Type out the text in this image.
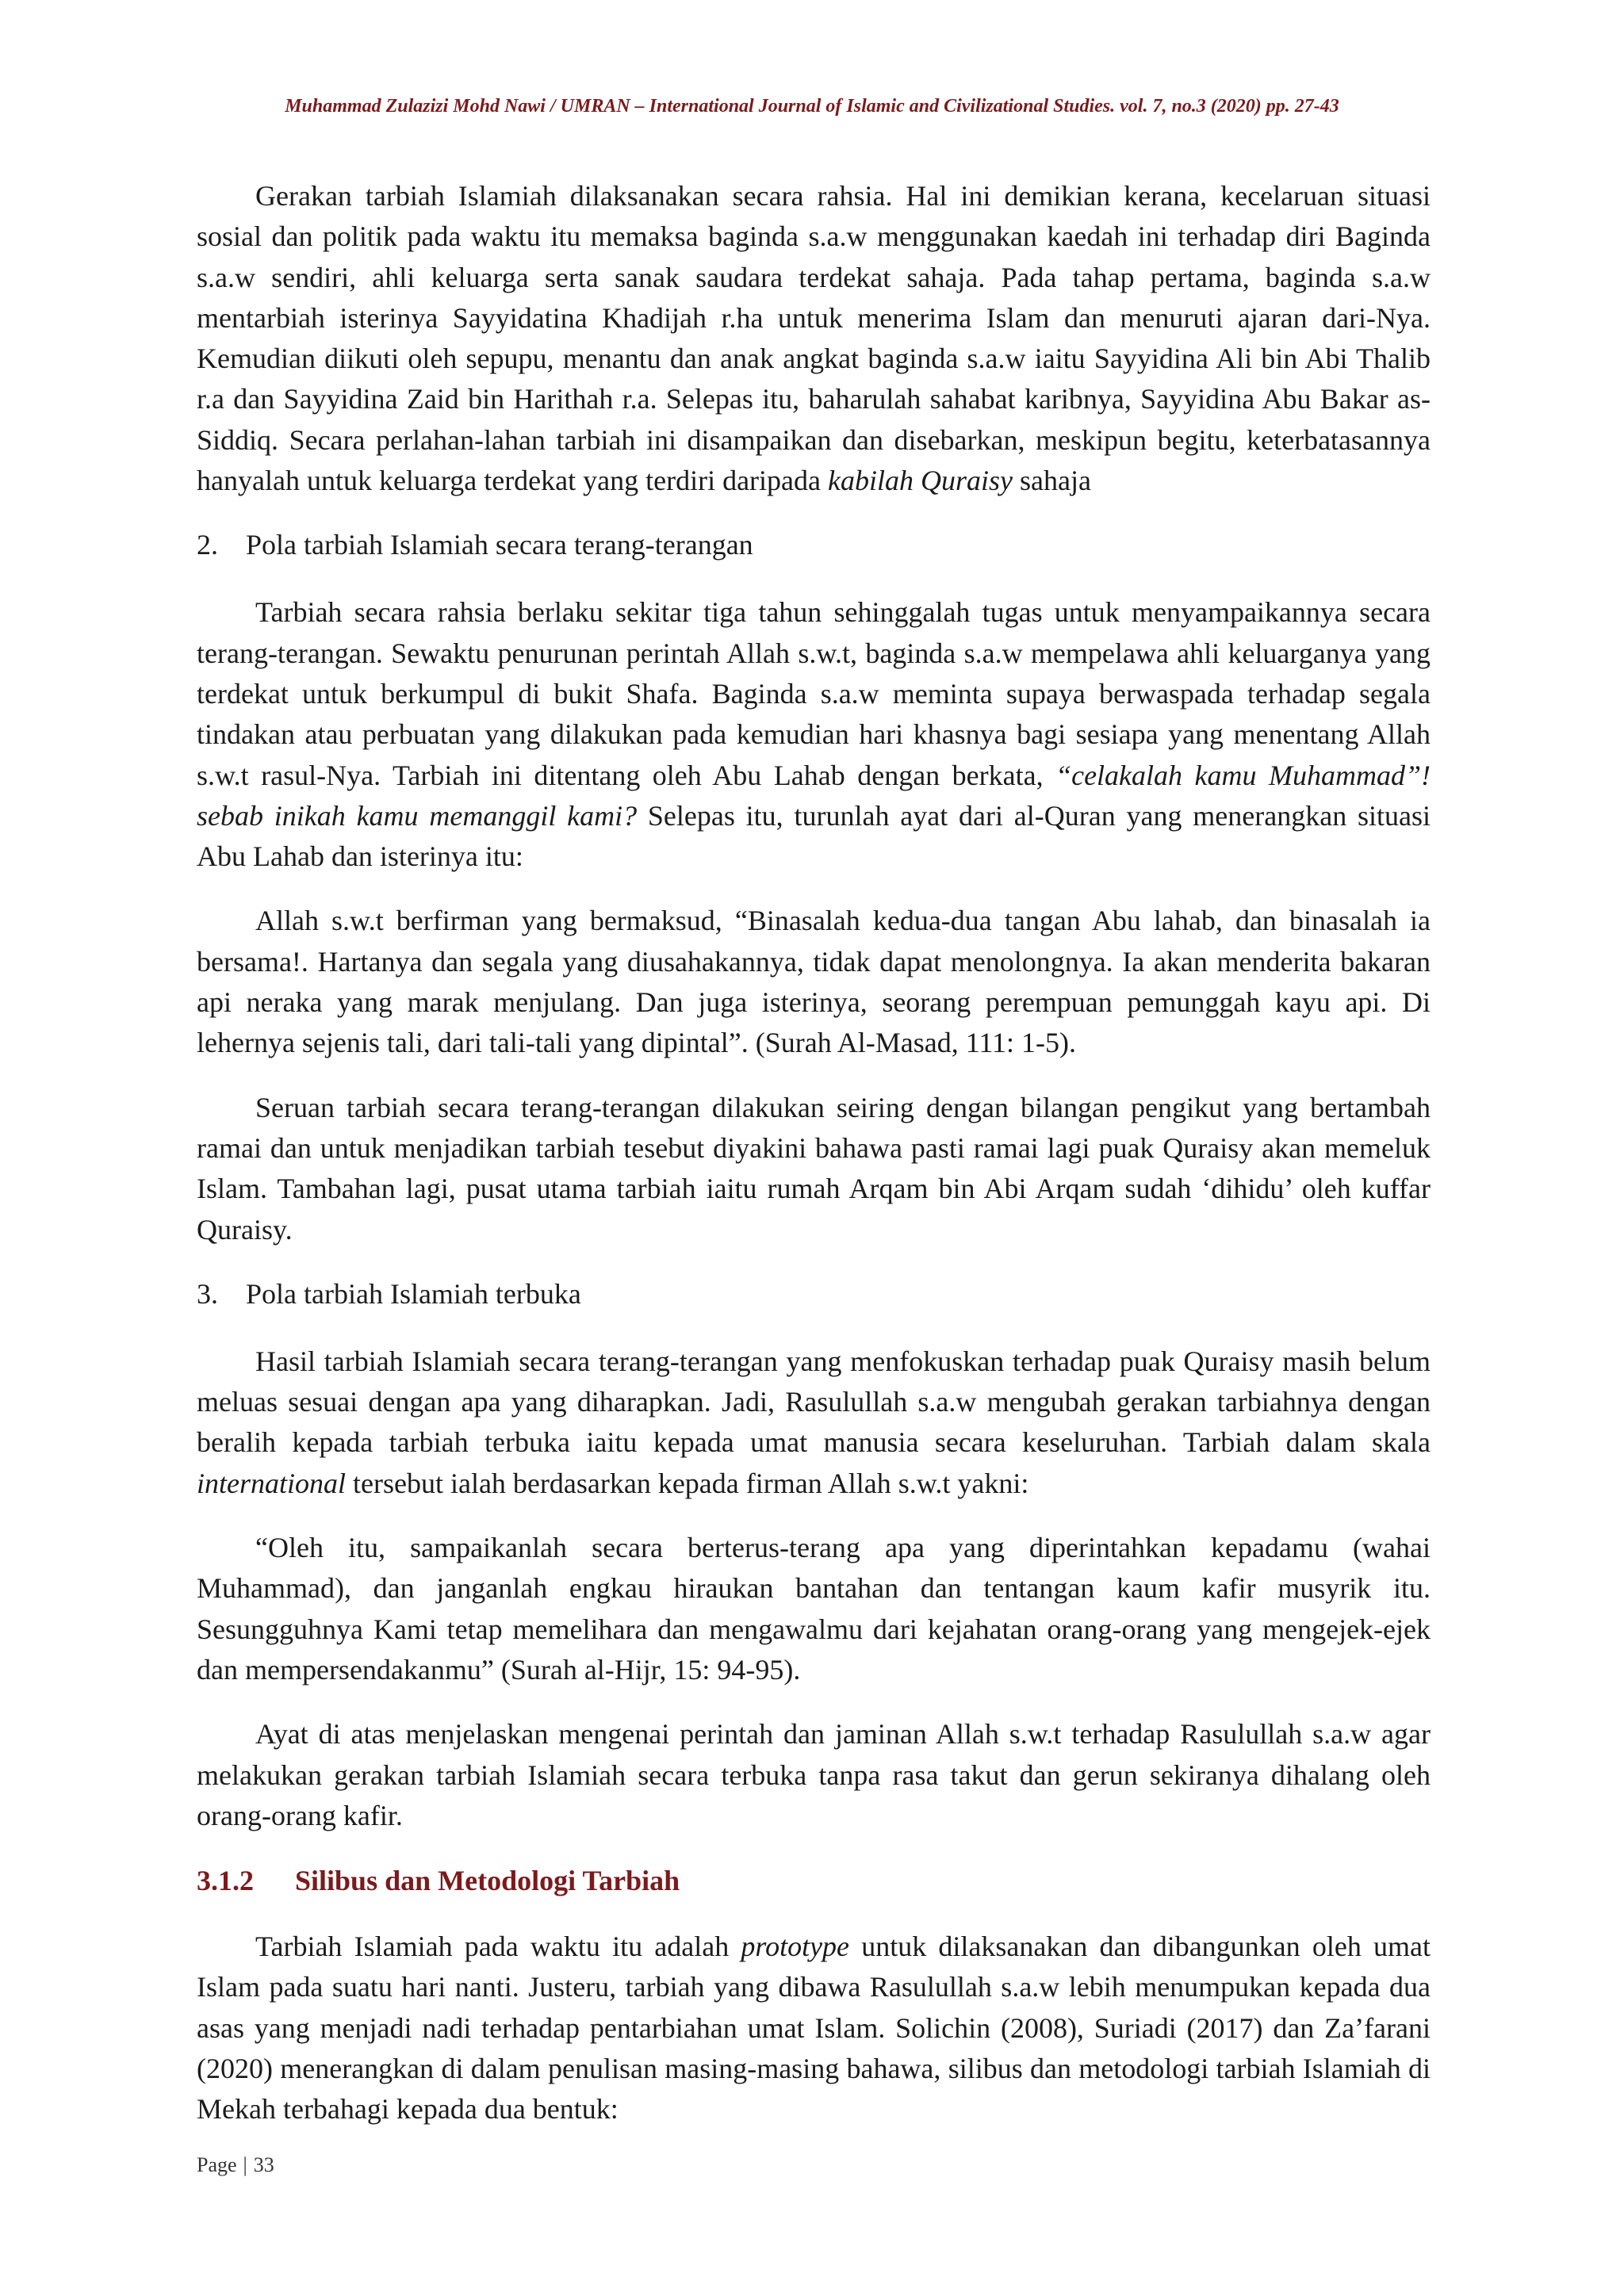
Muhammad Zulazizi Mohd Nawi / UMRAN – International Journal of Islamic and Civilizational Studies. vol. 7, no.3 (2020) pp. 27-43

Gerakan tarbiah Islamiah dilaksanakan secara rahsia. Hal ini demikian kerana, kecelaruan situasi sosial dan politik pada waktu itu memaksa baginda s.a.w menggunakan kaedah ini terhadap diri Baginda s.a.w sendiri, ahli keluarga serta sanak saudara terdekat sahaja. Pada tahap pertama, baginda s.a.w mentarbiah isterinya Sayyidatina Khadijah r.ha untuk menerima Islam dan menuruti ajaran dari-Nya. Kemudian diikuti oleh sepupu, menantu dan anak angkat baginda s.a.w iaitu Sayyidina Ali bin Abi Thalib r.a dan Sayyidina Zaid bin Harithah r.a. Selepas itu, baharulah sahabat karibnya, Sayyidina Abu Bakar as-Siddiq. Secara perlahan-lahan tarbiah ini disampaikan dan disebarkan, meskipun begitu, keterbatasannya hanyalah untuk keluarga terdekat yang terdiri daripada kabilah Quraisy sahaja

2. Pola tarbiah Islamiah secara terang-terangan

Tarbiah secara rahsia berlaku sekitar tiga tahun sehinggalah tugas untuk menyampaikannya secara terang-terangan. Sewaktu penurunan perintah Allah s.w.t, baginda s.a.w mempelawa ahli keluarganya yang terdekat untuk berkumpul di bukit Shafa. Baginda s.a.w meminta supaya berwaspada terhadap segala tindakan atau perbuatan yang dilakukan pada kemudian hari khasnya bagi sesiapa yang menentang Allah s.w.t rasul-Nya. Tarbiah ini ditentang oleh Abu Lahab dengan berkata, “celakalah kamu Muhammad”! sebab inikah kamu memanggil kami? Selepas itu, turunlah ayat dari al-Quran yang menerangkan situasi Abu Lahab dan isterinya itu:

Allah s.w.t berfirman yang bermaksud, “Binasalah kedua-dua tangan Abu lahab, dan binasalah ia bersama!. Hartanya dan segala yang diusahakannya, tidak dapat menolongnya. Ia akan menderita bakaran api neraka yang marak menjulang. Dan juga isterinya, seorang perempuan pemunggah kayu api. Di lehernya sejenis tali, dari tali-tali yang dipintal”. (Surah Al-Masad, 111: 1-5).

Seruan tarbiah secara terang-terangan dilakukan seiring dengan bilangan pengikut yang bertambah ramai dan untuk menjadikan tarbiah tesebut diyakini bahawa pasti ramai lagi puak Quraisy akan memeluk Islam. Tambahan lagi, pusat utama tarbiah iaitu rumah Arqam bin Abi Arqam sudah ‘dihidu’ oleh kuffar Quraisy.

3. Pola tarbiah Islamiah terbuka

Hasil tarbiah Islamiah secara terang-terangan yang menfokuskan terhadap puak Quraisy masih belum meluas sesuai dengan apa yang diharapkan. Jadi, Rasulullah s.a.w mengubah gerakan tarbiahnya dengan beralih kepada tarbiah terbuka iaitu kepada umat manusia secara keseluruhan. Tarbiah dalam skala international tersebut ialah berdasarkan kepada firman Allah s.w.t yakni:

“Oleh itu, sampaikanlah secara berterus-terang apa yang diperintahkan kepadamu (wahai Muhammad), dan janganlah engkau hiraukan bantahan dan tentangan kaum kafir musyrik itu. Sesungguhnya Kami tetap memelihara dan mengawalmu dari kejahatan orang-orang yang mengejek-ejek dan mempersendakanmu” (Surah al-Hijr, 15: 94-95).

Ayat di atas menjelaskan mengenai perintah dan jaminan Allah s.w.t terhadap Rasulullah s.a.w agar melakukan gerakan tarbiah Islamiah secara terbuka tanpa rasa takut dan gerun sekiranya dihalang oleh orang-orang kafir.

3.1.2 Silibus dan Metodologi Tarbiah

Tarbiah Islamiah pada waktu itu adalah prototype untuk dilaksanakan dan dibangunkan oleh umat Islam pada suatu hari nanti. Justeru, tarbiah yang dibawa Rasulullah s.a.w lebih menumpukan kepada dua asas yang menjadi nadi terhadap pentarbiahan umat Islam. Solichin (2008), Suriadi (2017) dan Za’farani (2020) menerangkan di dalam penulisan masing-masing bahawa, silibus dan metodologi tarbiah Islamiah di Mekah terbahagi kepada dua bentuk:

Page | 33
